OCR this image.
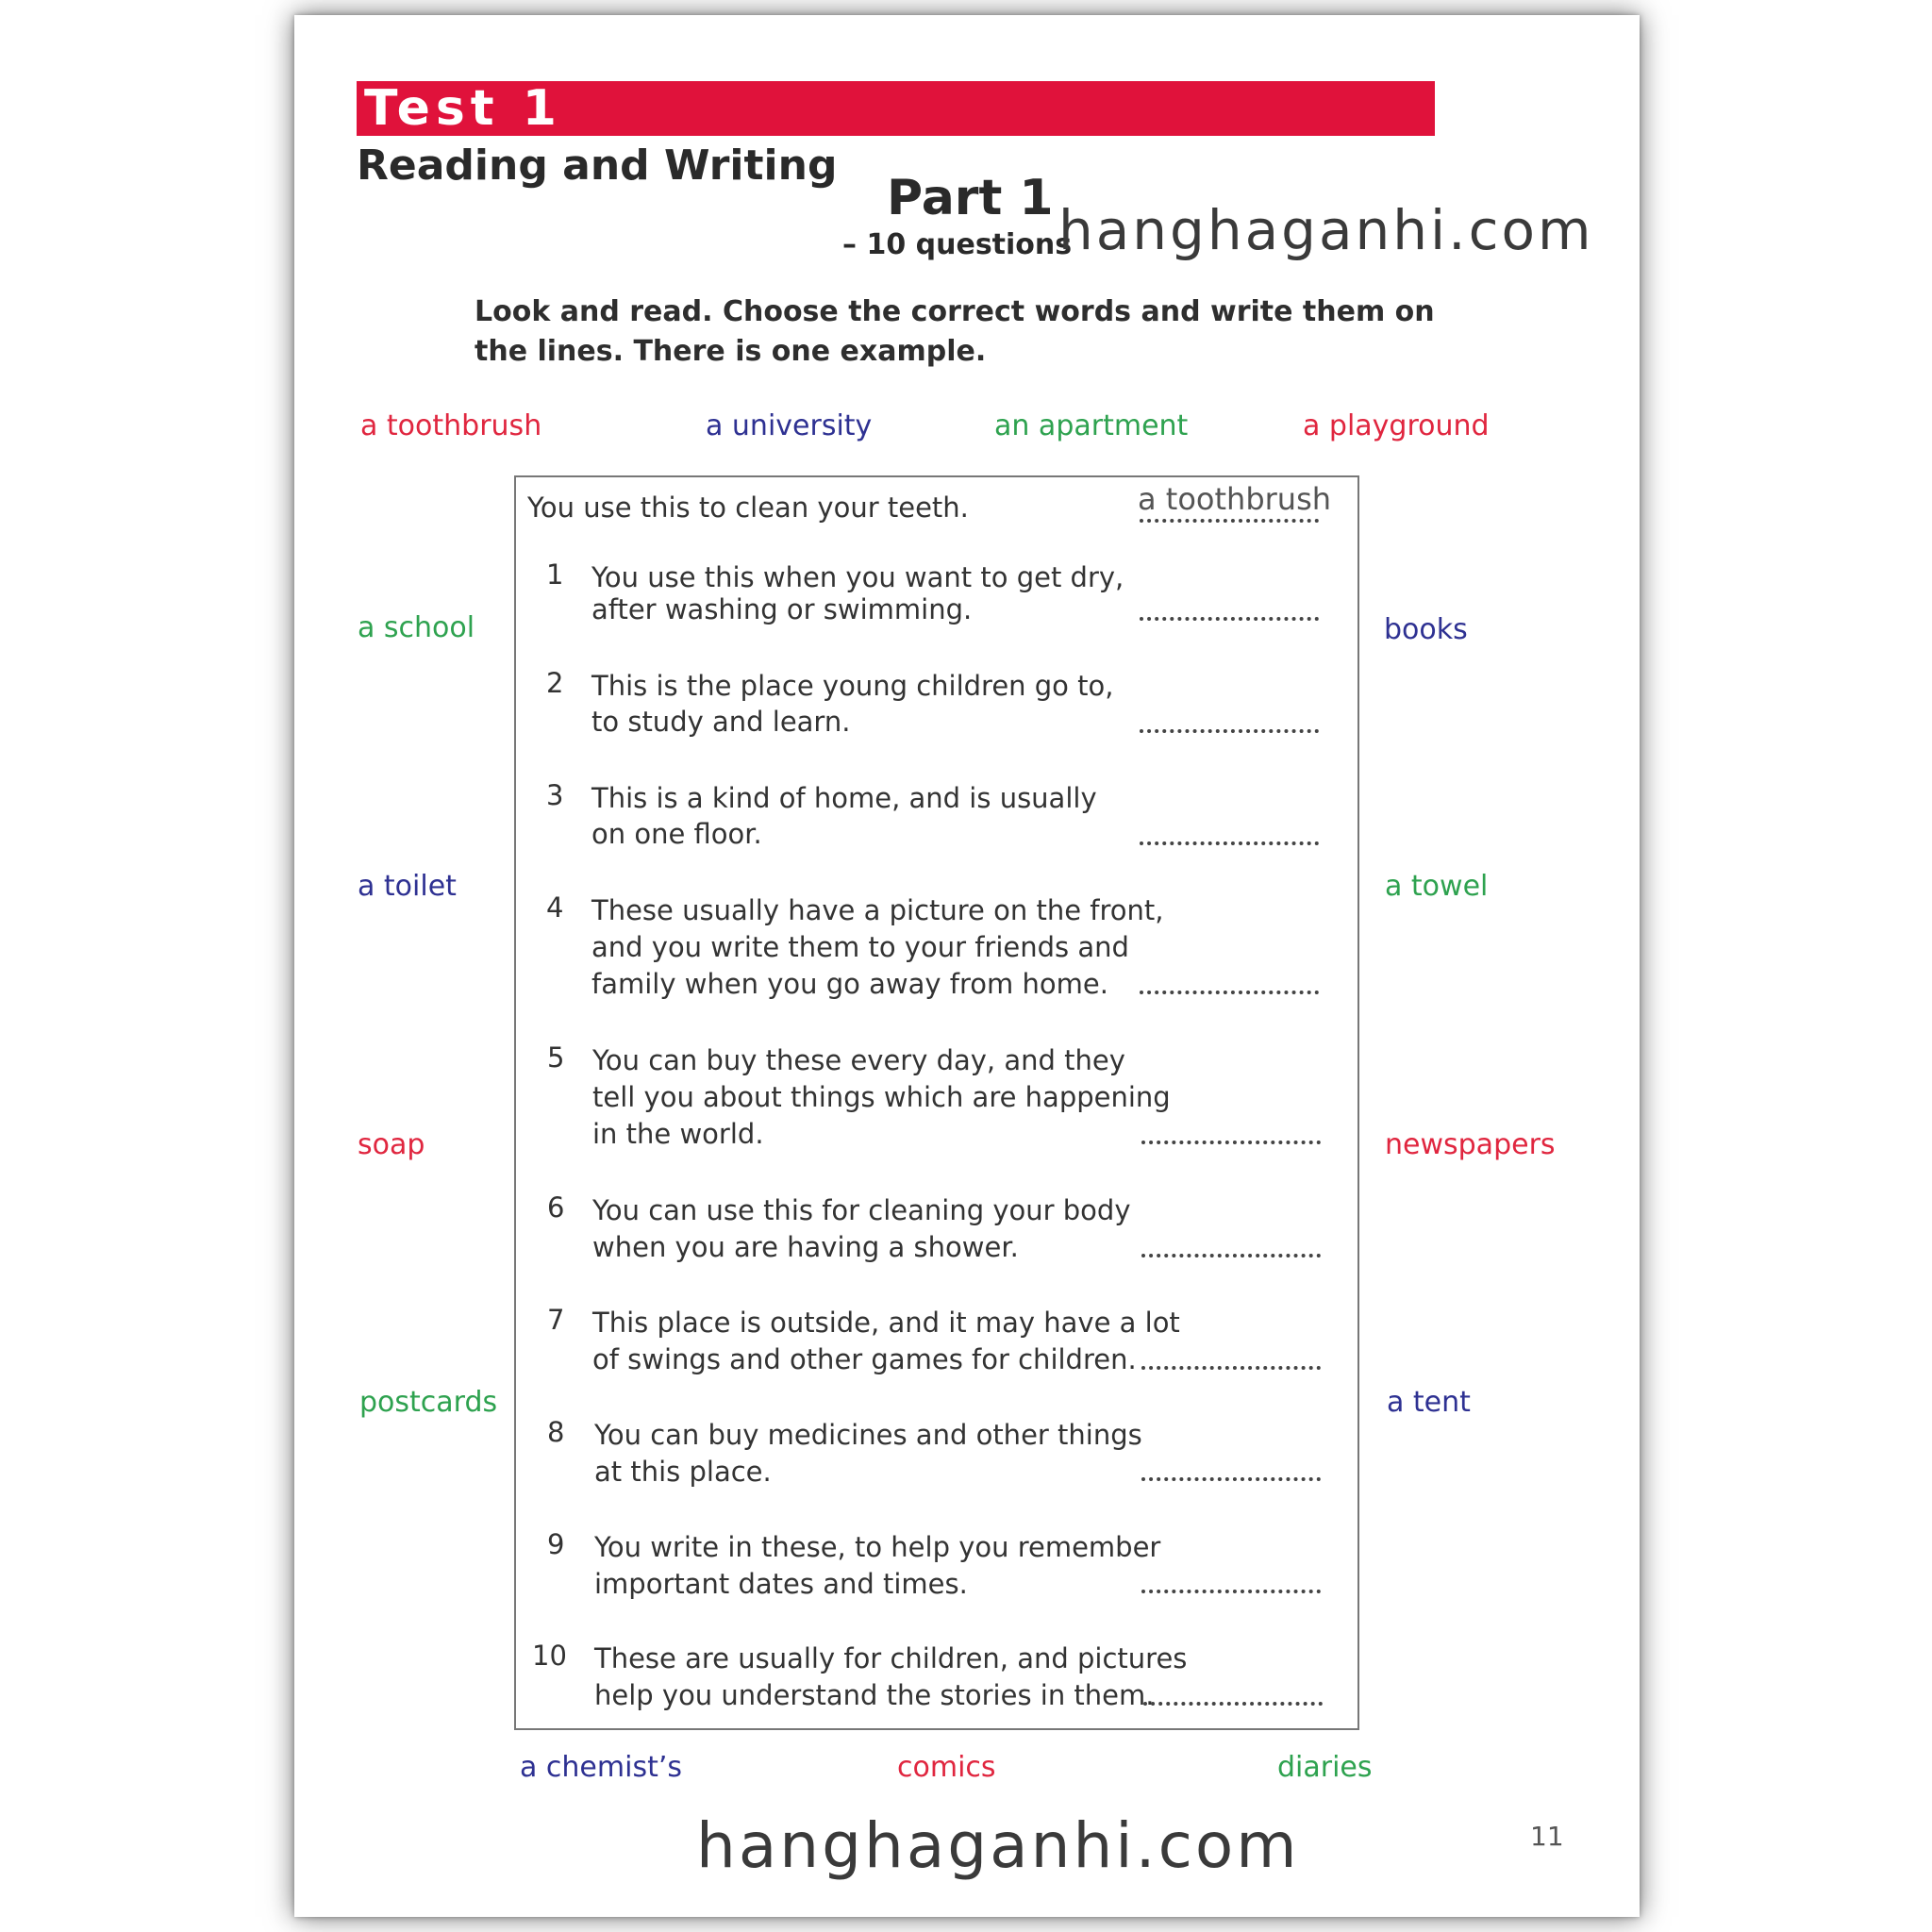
Test 1
Reading and Writing
Part 1
– 10 questions
hanghaganhi.com
Look and read. Choose the correct words and write them on the lines. There is one example.
a toothbrush	a university	an apartment	a playground
a school
a toilet
soap
postcards
books
a towel
newspapers
a tent
You use this to clean your teeth.	a toothbrush
1 You use this when you want to get dry,
after washing or swimming.
2 This is the place young children go to,
to study and learn.
3 This is a kind of home, and is usually
on one floor.
4 These usually have a picture on the front,
and you write them to your friends and
family when you go away from home.
5 You can buy these every day, and they
tell you about things which are happening
in the world.
6 You can use this for cleaning your body
when you are having a shower.
7 This place is outside, and it may have a lot
of swings and other games for children.
8 You can buy medicines and other things
at this place.
9 You write in these, to help you remember
important dates and times.
10 These are usually for children, and pictures
help you understand the stories in them.
a chemist’s	comics	diaries
hanghaganhi.com	11
